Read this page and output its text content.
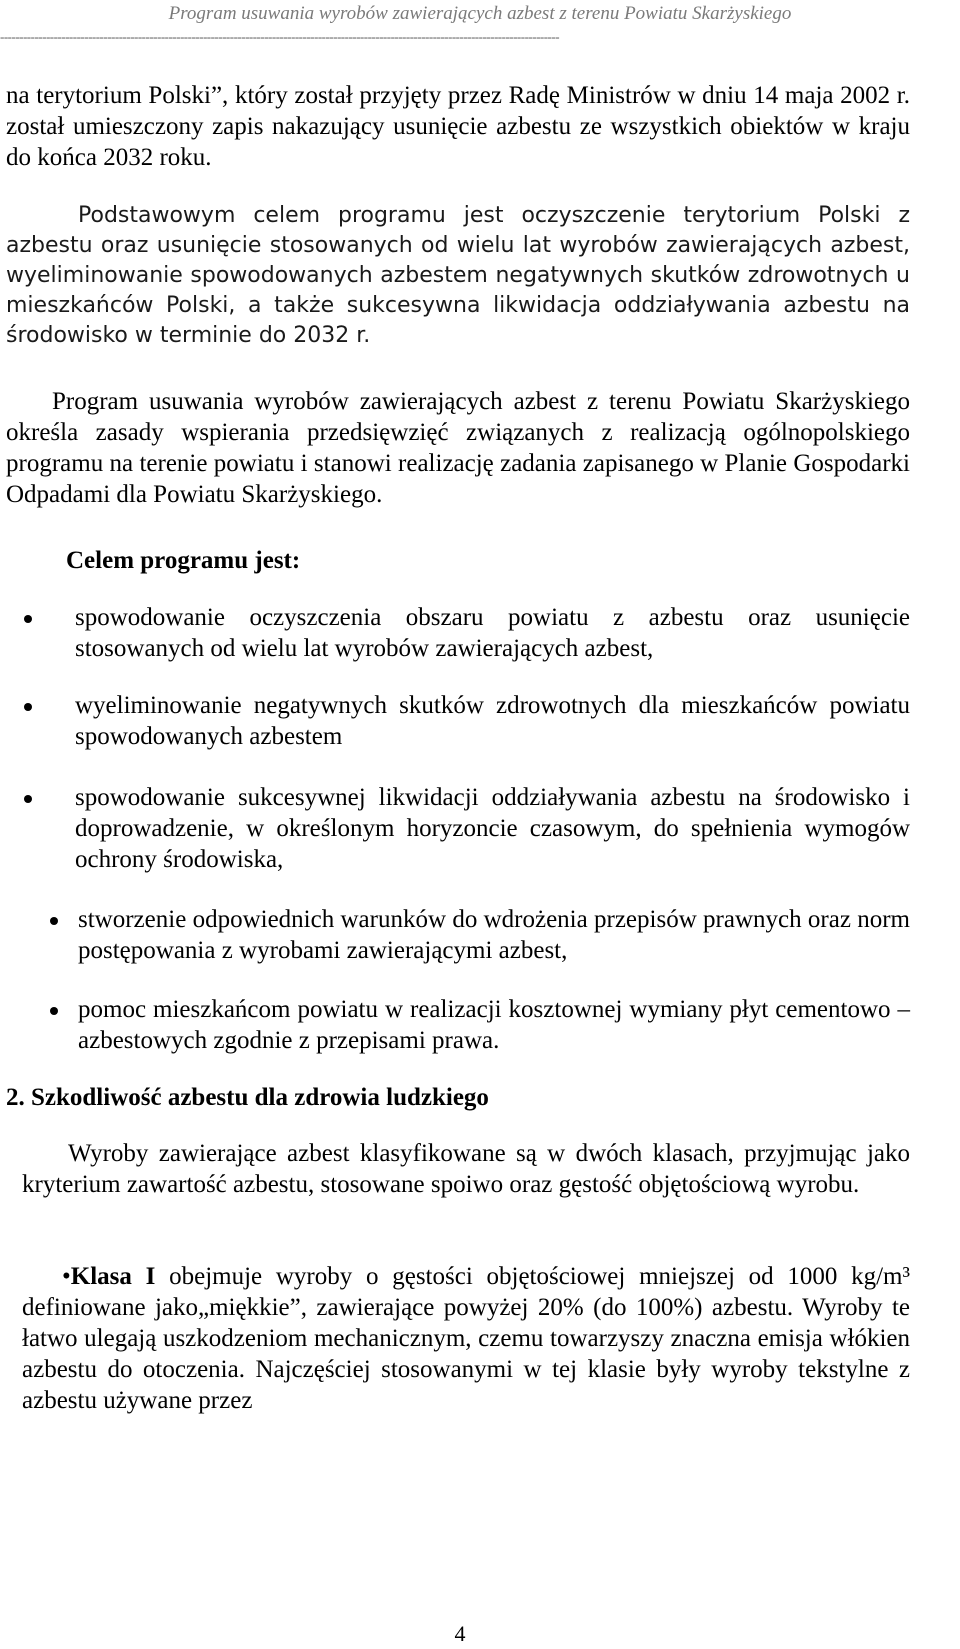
Program usuwania wyrobów zawierających azbest z terenu Powiatu Skarżyskiego
--------------------------------------------------------------------------------------------------------------------------------------------------

na terytorium Polski”, który został przyjęty przez Radę Ministrów w dniu 14 maja 2002 r. został umieszczony zapis nakazujący usunięcie azbestu ze wszystkich obiektów w kraju do końca 2032 roku.

Podstawowym celem programu jest oczyszczenie terytorium Polski z azbestu oraz usunięcie stosowanych od wielu lat wyrobów zawierających azbest, wyeliminowanie spowodowanych azbestem negatywnych skutków zdrowotnych u mieszkańców Polski, a także sukcesywna likwidacja oddziaływania azbestu na środowisko w terminie do 2032 r.

Program usuwania wyrobów zawierających azbest z terenu Powiatu Skarżyskiego określa zasady wspierania przedsięwzięć związanych z realizacją ogólnopolskiego programu na terenie powiatu i stanowi realizację zadania zapisanego w Planie Gospodarki Odpadami dla Powiatu Skarżyskiego.

Celem programu jest:
spowodowanie oczyszczenia obszaru powiatu z azbestu oraz usunięcie stosowanych od wielu lat wyrobów zawierających azbest,
wyeliminowanie negatywnych skutków zdrowotnych dla mieszkańców powiatu spowodowanych azbestem
spowodowanie sukcesywnej likwidacji oddziaływania azbestu na środowisko i doprowadzenie, w określonym horyzoncie czasowym, do spełnienia wymogów ochrony środowiska,
stworzenie odpowiednich warunków do wdrożenia przepisów prawnych oraz norm postępowania z wyrobami zawierającymi azbest,
pomoc mieszkańcom powiatu w realizacji kosztownej wymiany płyt cementowo – azbestowych zgodnie z przepisami prawa.
2. Szkodliwość azbestu dla zdrowia ludzkiego

Wyroby zawierające azbest klasyfikowane są w dwóch klasach, przyjmując jako kryterium zawartość azbestu, stosowane spoiwo oraz gęstość objętościową wyrobu.

•Klasa I obejmuje wyroby o gęstości objętościowej mniejszej od 1000 kg/m³ definiowane jako„miękkie”, zawierające powyżej 20% (do 100%) azbestu. Wyroby te łatwo ulegają uszkodzeniom mechanicznym, czemu towarzyszy znaczna emisja włókien azbestu do otoczenia. Najczęściej stosowanymi w tej klasie były wyroby tekstylne z azbestu używane przez

4
